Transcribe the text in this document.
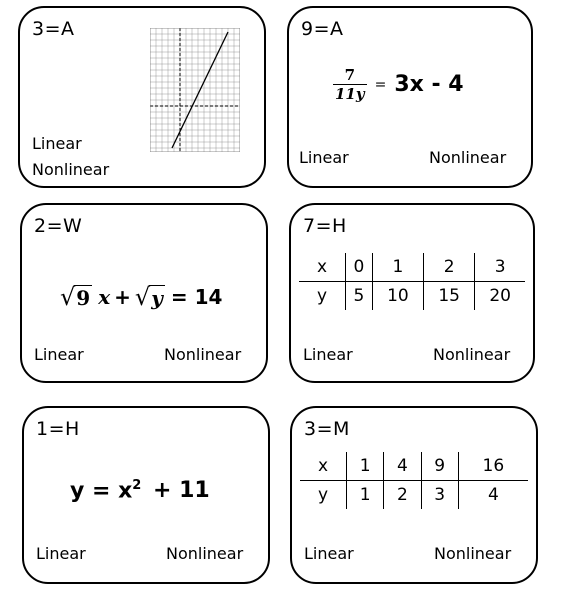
3=A
Linear
Nonlinear
9=A
$\frac{7}{11y} = 3x - 4$
Linear	Nonlinear
2=W
√ 9 x + √ y = 14
Linear	Nonlinear
7=H
x	0	1	2	3
y	5	10	15	20
Linear	Nonlinear
1=H
$y = x^2 + 11$
Linear	Nonlinear
3=M
x	1	4	9	16
y	1	2	3	4
Linear	Nonlinear
